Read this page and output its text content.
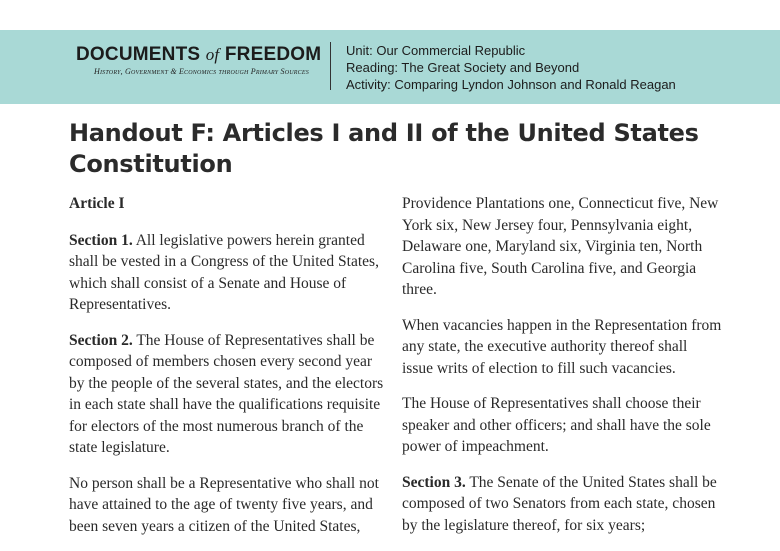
DOCUMENTS of FREEDOM
History, Government & Economics through Primary Sources
Unit: Our Commercial Republic
Reading: The Great Society and Beyond
Activity: Comparing Lyndon Johnson and Ronald Reagan
Handout F: Articles I and II of the United States Constitution
Article I

Section 1. All legislative powers herein granted shall be vested in a Congress of the United States, which shall consist of a Senate and House of Representatives.

Section 2. The House of Representatives shall be composed of members chosen every second year by the people of the several states, and the electors in each state shall have the qualifications requisite for electors of the most numerous branch of the state legislature.

No person shall be a Representative who shall not have attained to the age of twenty five years, and been seven years a citizen of the United States,

Providence Plantations one, Connecticut five, New York six, New Jersey four, Pennsylvania eight, Delaware one, Maryland six, Virginia ten, North Carolina five, South Carolina five, and Georgia three.

When vacancies happen in the Representation from any state, the executive authority thereof shall issue writs of election to fill such vacancies.

The House of Representatives shall choose their speaker and other officers; and shall have the sole power of impeachment.

Section 3. The Senate of the United States shall be composed of two Senators from each state, chosen by the legislature thereof, for six years;
